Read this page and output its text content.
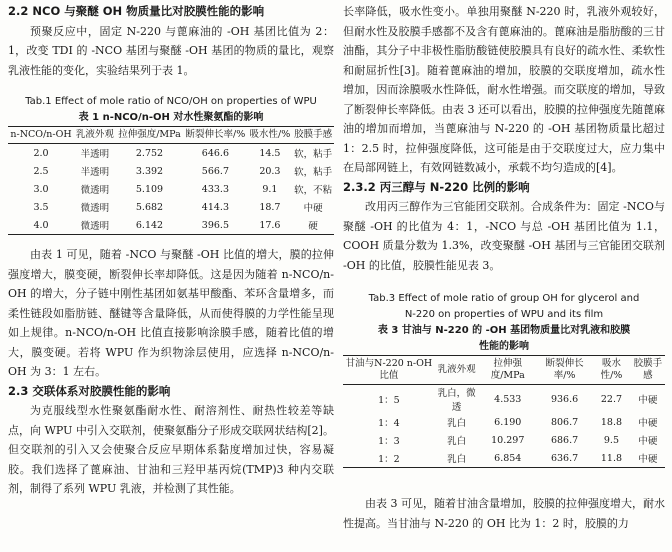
2.2 NCO 与聚醚 OH 物质量比对胶膜性能的影响

预聚反应中，固定 N-220 与蓖麻油的 -OH 基团比值为 2：1，改变 TDI 的 -NCO 基团与聚醚 -OH 基团的物质的量比，观察乳液性能的变化，实验结果列于表 1。

Tab.1 Effect of mole ratio of NCO/OH on properties of WPU

表 1 n-NCO/n-OH 对水性聚氨酯的影响

n-NCO/n-OH	乳液外观	拉伸强度/MPa	断裂伸长率/%	吸水性/%	胶膜手感
2.0	半透明	2.752	646.6	14.5	软，粘手
2.5	半透明	3.392	566.7	20.3	软，粘手
3.0	微透明	5.109	433.3	9.1	软，不粘
3.5	微透明	5.682	414.3	18.7	中硬
4.0	微透明	6.142	396.5	17.6	硬

由表 1 可见，随着 -NCO 与聚醚 -OH 比值的增大，膜的拉伸强度增大，膜变硬，断裂伸长率却降低。这是因为随着 n-NCO/n-OH 的增大，分子链中刚性基团如氨基甲酸酯、苯环含量增多，而柔性链段如脂肪链、醚键等含量降低，从而使得膜的力学性能呈现如上规律。n-NCO/n-OH 比值直接影响涂膜手感，随着比值的增大，膜变硬。若将 WPU 作为织物涂层使用，应选择 n-NCO/n-OH 为 3：1 左右。

2.3 交联体系对胶膜性能的影响

为克服线型水性聚氨酯耐水性、耐溶剂性、耐热性较差等缺点，向 WPU 中引入交联剂，使聚氨酯分子形成交联网状结构[2]。但交联剂的引入又会使聚合反应早期体系黏度增加过快，容易凝胶。我们选择了蓖麻油、甘油和三羟甲基丙烷(TMP)3 种内交联剂，制得了系列 WPU 乳液，并检测了其性能。

长率降低，吸水性变小。单独用聚醚 N-220 时，乳液外观较好，但耐水性及胶膜手感都不及含有蓖麻油的。蓖麻油是脂肪酸的三甘油酯，其分子中非极性脂肪酸链使胶膜具有良好的疏水性、柔软性和耐屈折性[3]。随着蓖麻油的增加，胶膜的交联度增加，疏水性增加，因而涂膜吸水性降低，耐水性增强。而交联度的增加，导致了断裂伸长率降低。由表 3 还可以看出，胶膜的拉伸强度先随蓖麻油的增加而增加，当蓖麻油与 N-220 的 -OH 基团物质量比超过 1：2.5 时，拉伸强度降低，这可能是由于交联度过大，应力集中在局部网链上，有效网链数减小，承载不均匀造成的[4]。

2.3.2 丙三醇与 N-220 比例的影响

改用丙三醇作为三官能团交联剂。合成条件为：固定 -NCO与聚醚 -OH 的比值为 4：1，-NCO 与总 -OH 基团比值为 1.1，COOH 质量分数为 1.3%，改变聚醚 -OH 基团与三官能团交联剂 -OH 的比值，胶膜性能见表 3。

Tab.3 Effect of mole ratio of group OH for glycerol and

N-220 on properties of WPU and its film

表 3 甘油与 N-220 的 -OH 基团物质量比对乳液和胶膜

性能的影响

甘油与N-220 n-OH 比值	乳液外观	拉伸强度/MPa	断裂伸长率/%	吸水性/%	胶膜手感
1：5	乳白，微透	4.533	936.6	22.7	中硬
1：4	乳白	6.190	806.7	18.8	中硬
1：3	乳白	10.297	686.7	9.5	中硬
1：2	乳白	6.854	636.7	11.8	中硬

由表 3 可见，随着甘油含量增加，胶膜的拉伸强度增大，耐水性提高。当甘油与 N-220 的 OH 比为 1：2 时，胶膜的力
